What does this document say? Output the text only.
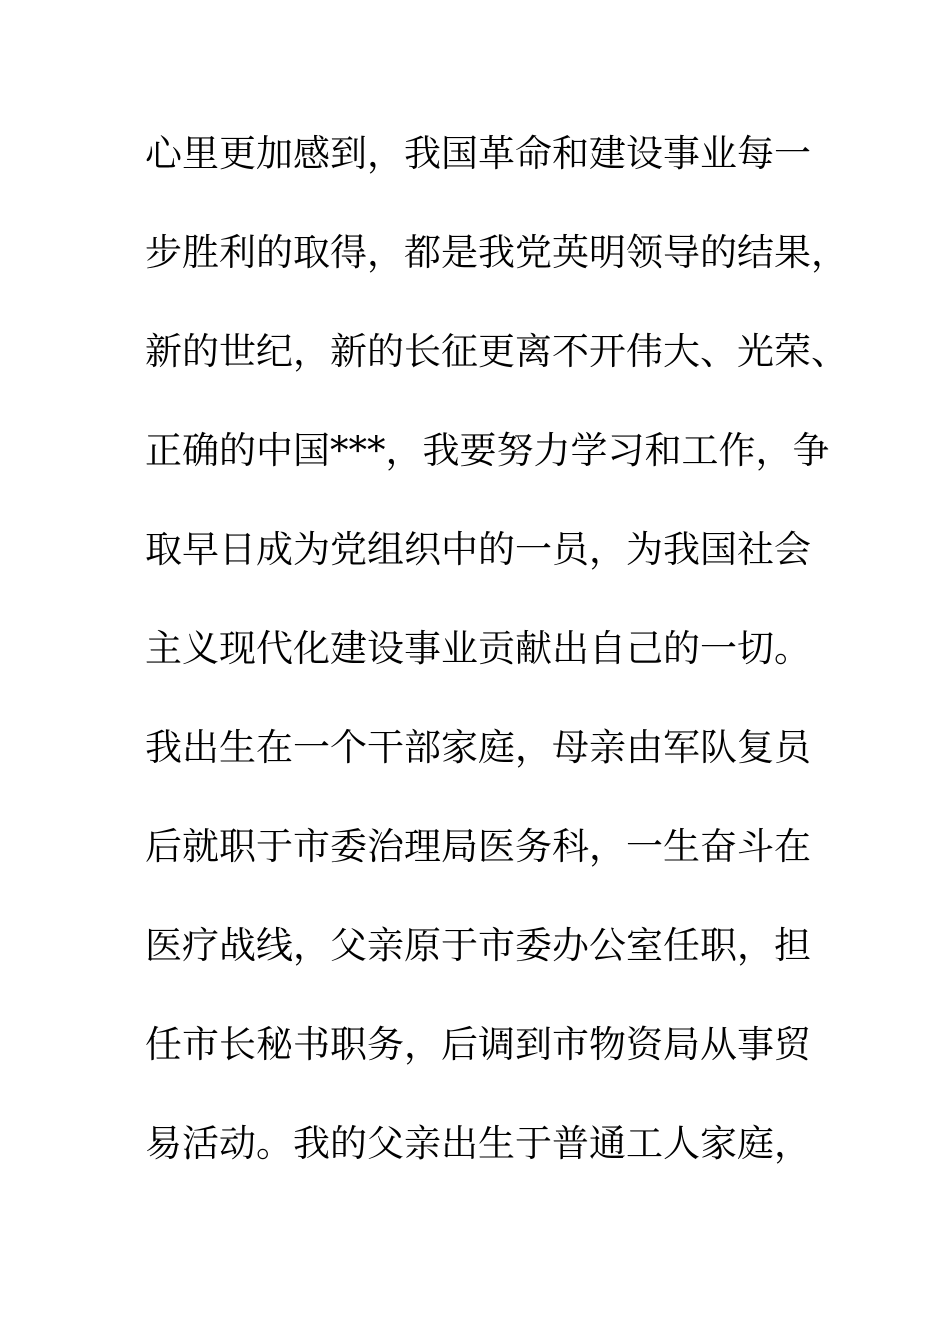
心里更加感到，我国革命和建设事业每一
步胜利的取得，都是我党英明领导的结果，
新的世纪，新的长征更离不开伟大、光荣、
正确的中国***，我要努力学习和工作，争
取早日成为党组织中的一员，为我国社会
主义现代化建设事业贡献出自己的一切。
我出生在一个干部家庭，母亲由军队复员
后就职于市委治理局医务科，一生奋斗在
医疗战线，父亲原于市委办公室任职，担
任市长秘书职务，后调到市物资局从事贸
易活动。我的父亲出生于普通工人家庭，
